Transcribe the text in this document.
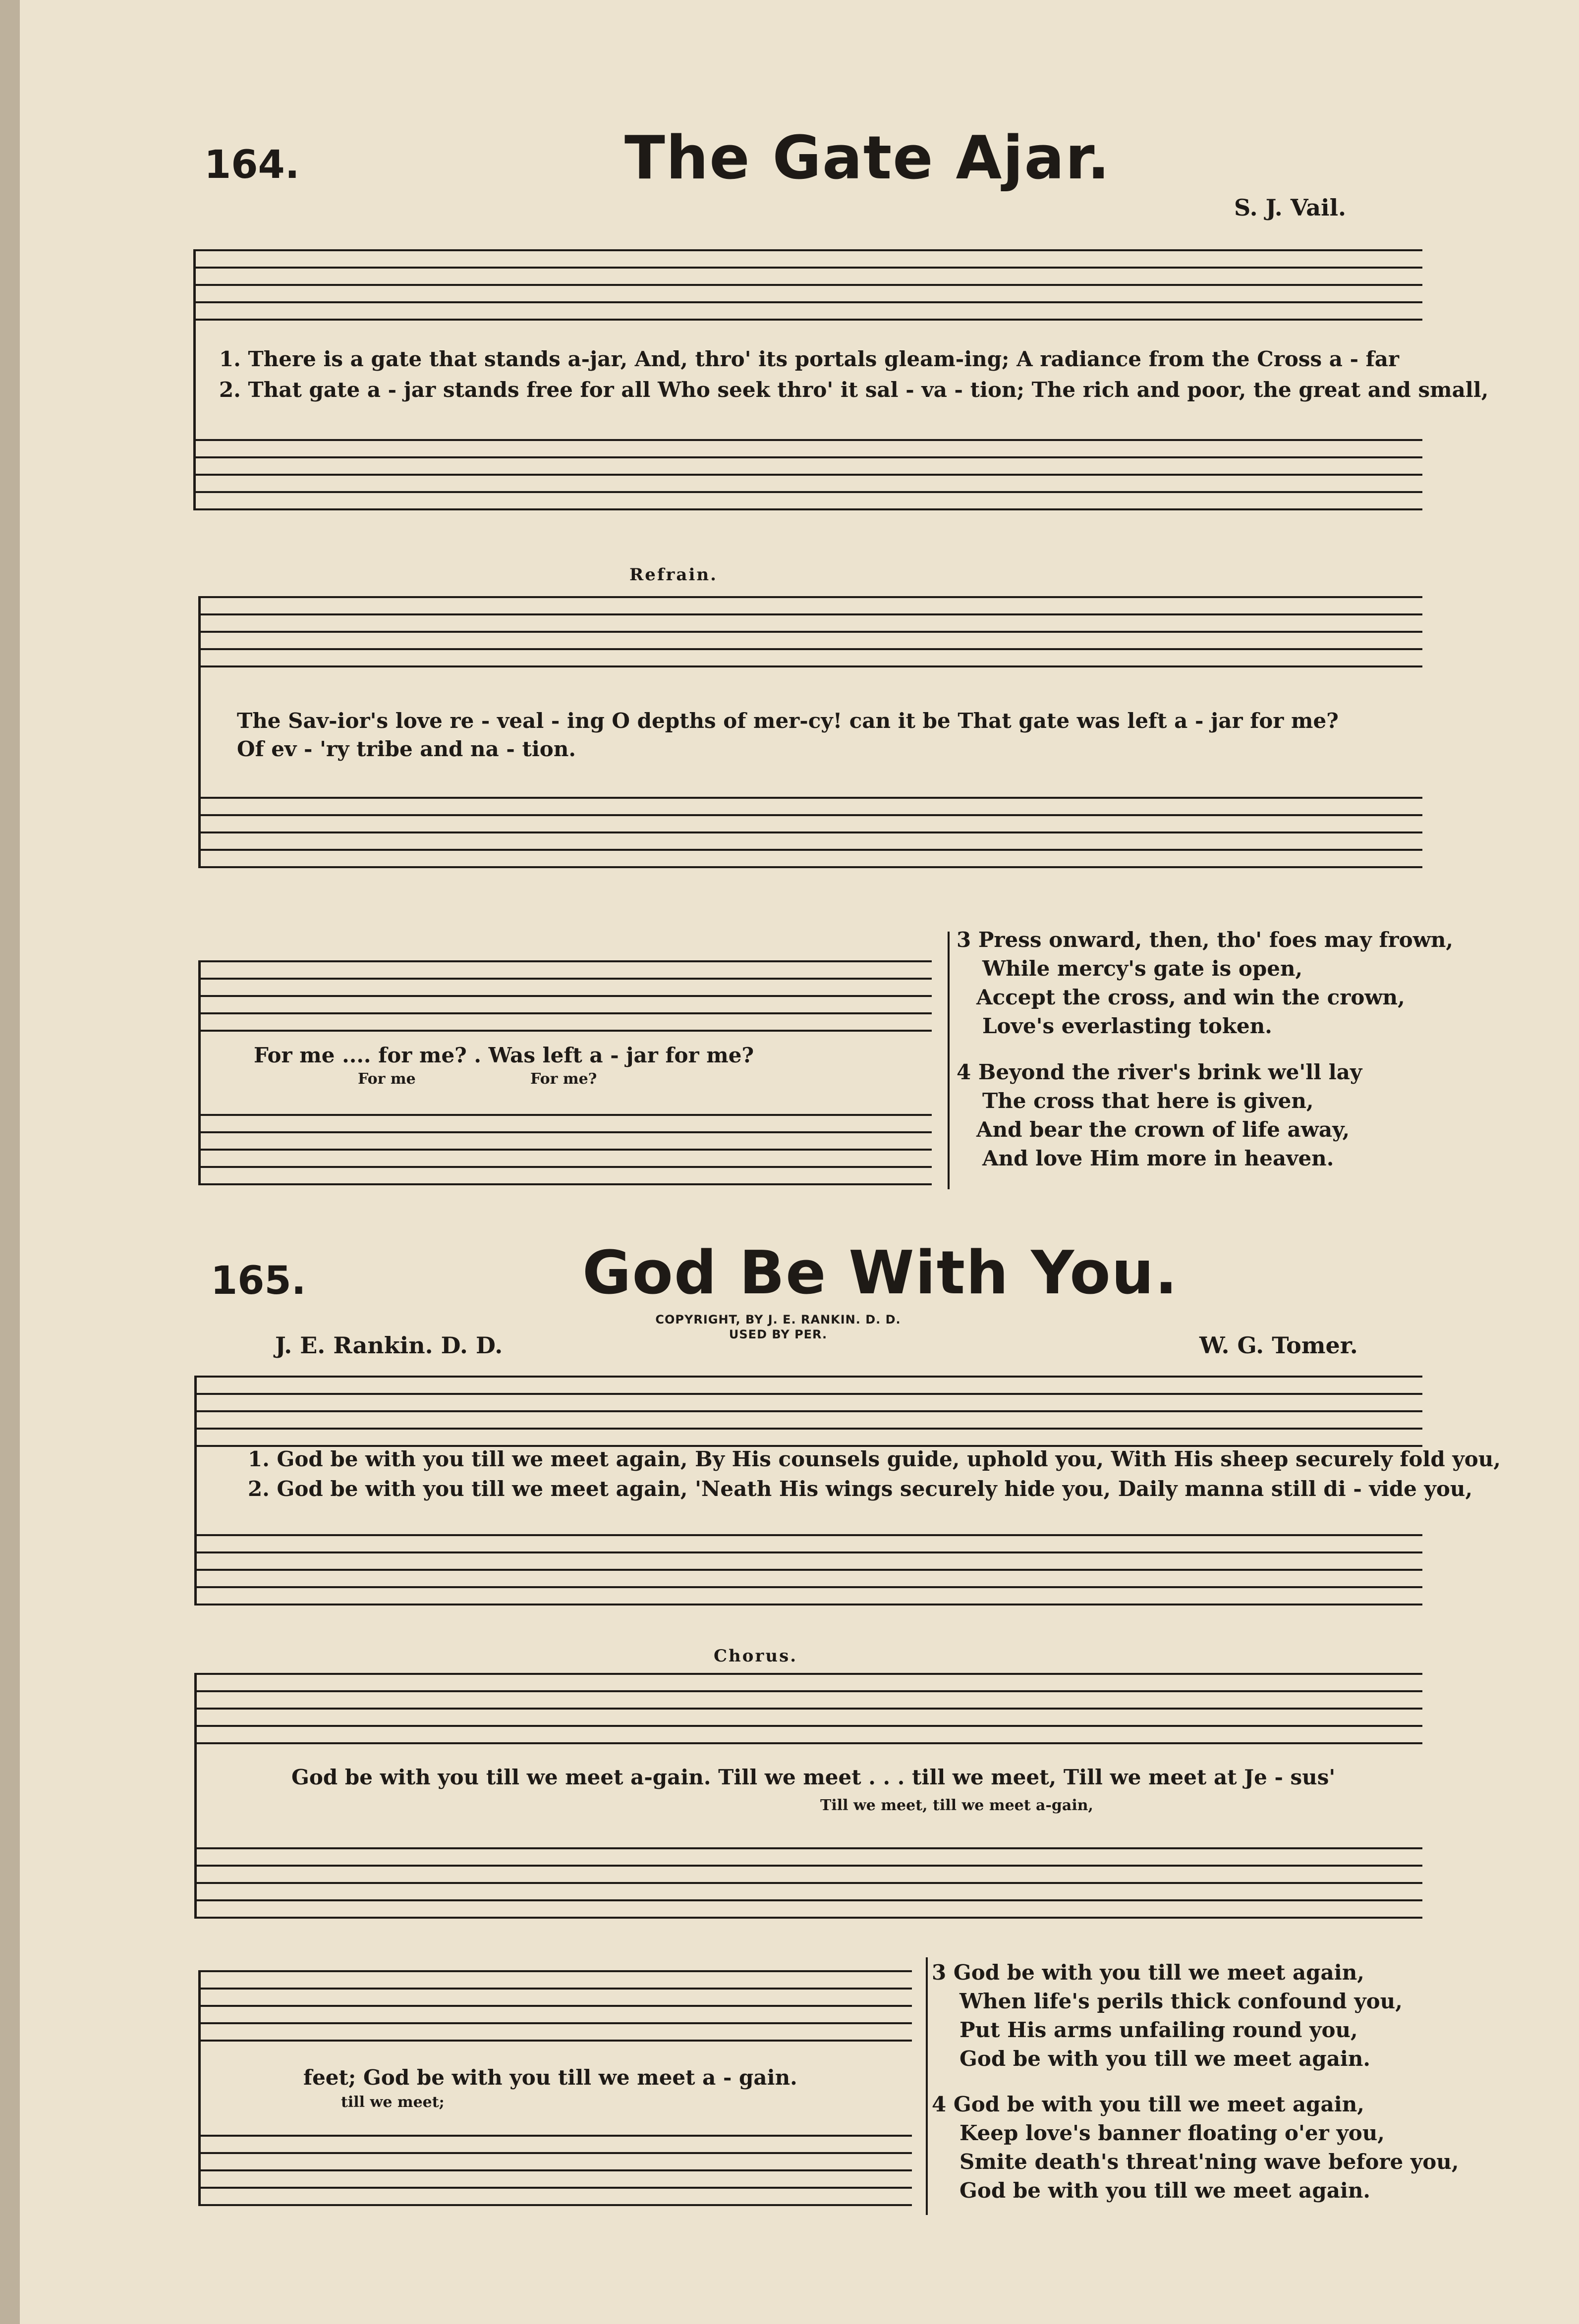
164.	The Gate Ajar.
S. J. Vail.
1. There is a gate that stands a-jar, And, thro' its portals gleam-ing; A radiance from the Cross a - far
2. That gate a - jar stands free for all Who seek thro' it sal - va - tion; The rich and poor, the great and small,
Refrain.
The Sav-ior's love re - veal - ing O depths of mer-cy! can it be That gate was left a - jar for me?
Of ev - 'ry tribe and na - tion.
For me .... for me? . Was left a - jar for me?
For me	For me?
3 Press onward, then, tho' foes may frown,
While mercy's gate is open,
Accept the cross, and win the crown,
Love's everlasting token.
4 Beyond the river's brink we'll lay
The cross that here is given,
And bear the crown of life away,
And love Him more in heaven.
165.	God Be With You.
COPYRIGHT, BY J. E. RANKIN. D. D.
USED BY PER.
J. E. Rankin. D. D.	W. G. Tomer.
1. God be with you till we meet again, By His counsels guide, uphold you, With His sheep securely fold you,
2. God be with you till we meet again, 'Neath His wings securely hide you, Daily manna still di - vide you,
Chorus.
God be with you till we meet a-gain. Till we meet . . . till we meet, Till we meet at Je - sus'
Till we meet, till we meet a-gain,
feet; God be with you till we meet a - gain.
till we meet;
3 God be with you till we meet again,
When life's perils thick confound you,
Put His arms unfailing round you,
God be with you till we meet again.
4 God be with you till we meet again,
Keep love's banner floating o'er you,
Smite death's threat'ning wave before you,
God be with you till we meet again.
